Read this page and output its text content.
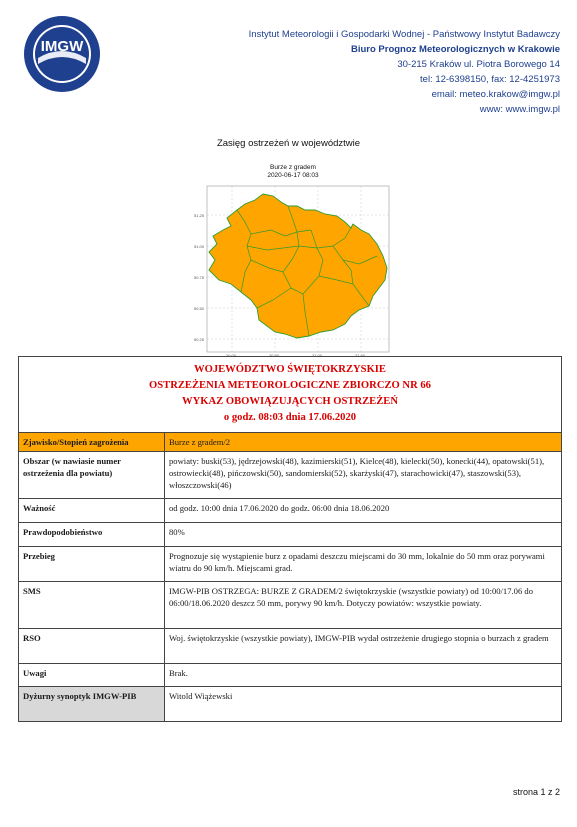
IMGW
Instytut Meteorologii i Gospodarki Wodnej - Państwowy Instytut Badawczy
Biuro Prognoz Meteorologicznych w Krakowie
30-215 Kraków ul. Piotra Borowego 14
tel: 12-6398150, fax: 12-4251973
email: meteo.krakow@imgw.pl
www: www.imgw.pl
Zasięg ostrzeżeń w województwie
Burze z gradem
2020-06-17 08:03
51.25
51.00
50.75
50.50
50.25
20.00	20.50	21.00	21.50
WOJEWÓDZTWO ŚWIĘTOKRZYSKIE
OSTRZEŻENIA METEOROLOGICZNE ZBIORCZO NR 66
WYKAZ OBOWIĄZUJĄCYCH OSTRZEŻEŃ
o godz. 08:03 dnia 17.06.2020	

Zjawisko/Stopień zagrożenia	Burze z gradem/2
Obszar (w nawiasie numer ostrzeżenia dla powiatu)	powiaty: buski(53), jędrzejowski(48), kazimierski(51), Kielce(48), kielecki(50), konecki(44), opatowski(51), ostrowiecki(48), pińczowski(50), sandomierski(52), skarżyski(47), starachowicki(47), staszowski(53), włoszczowski(46)
Ważność	od godz. 10:00 dnia 17.06.2020 do godz. 06:00 dnia 18.06.2020
Prawdopodobieństwo	80%
Przebieg	Prognozuje się wystąpienie burz z opadami deszczu miejscami do 30 mm, lokalnie do 50 mm oraz porywami wiatru do 90 km/h. Miejscami grad.
SMS	IMGW-PIB OSTRZEGA: BURZE Z GRADEM/2 świętokrzyskie (wszystkie powiaty) od 10:00/17.06 do 06:00/18.06.2020 deszcz 50 mm, porywy 90 km/h. Dotyczy powiatów: wszystkie powiaty.
RSO	Woj. świętokrzyskie (wszystkie powiaty), IMGW-PIB wydał ostrzeżenie drugiego stopnia o burzach z gradem
Uwagi	Brak.
Dyżurny synoptyk IMGW-PIB	Witold Wiążewski
strona 1 z 2
